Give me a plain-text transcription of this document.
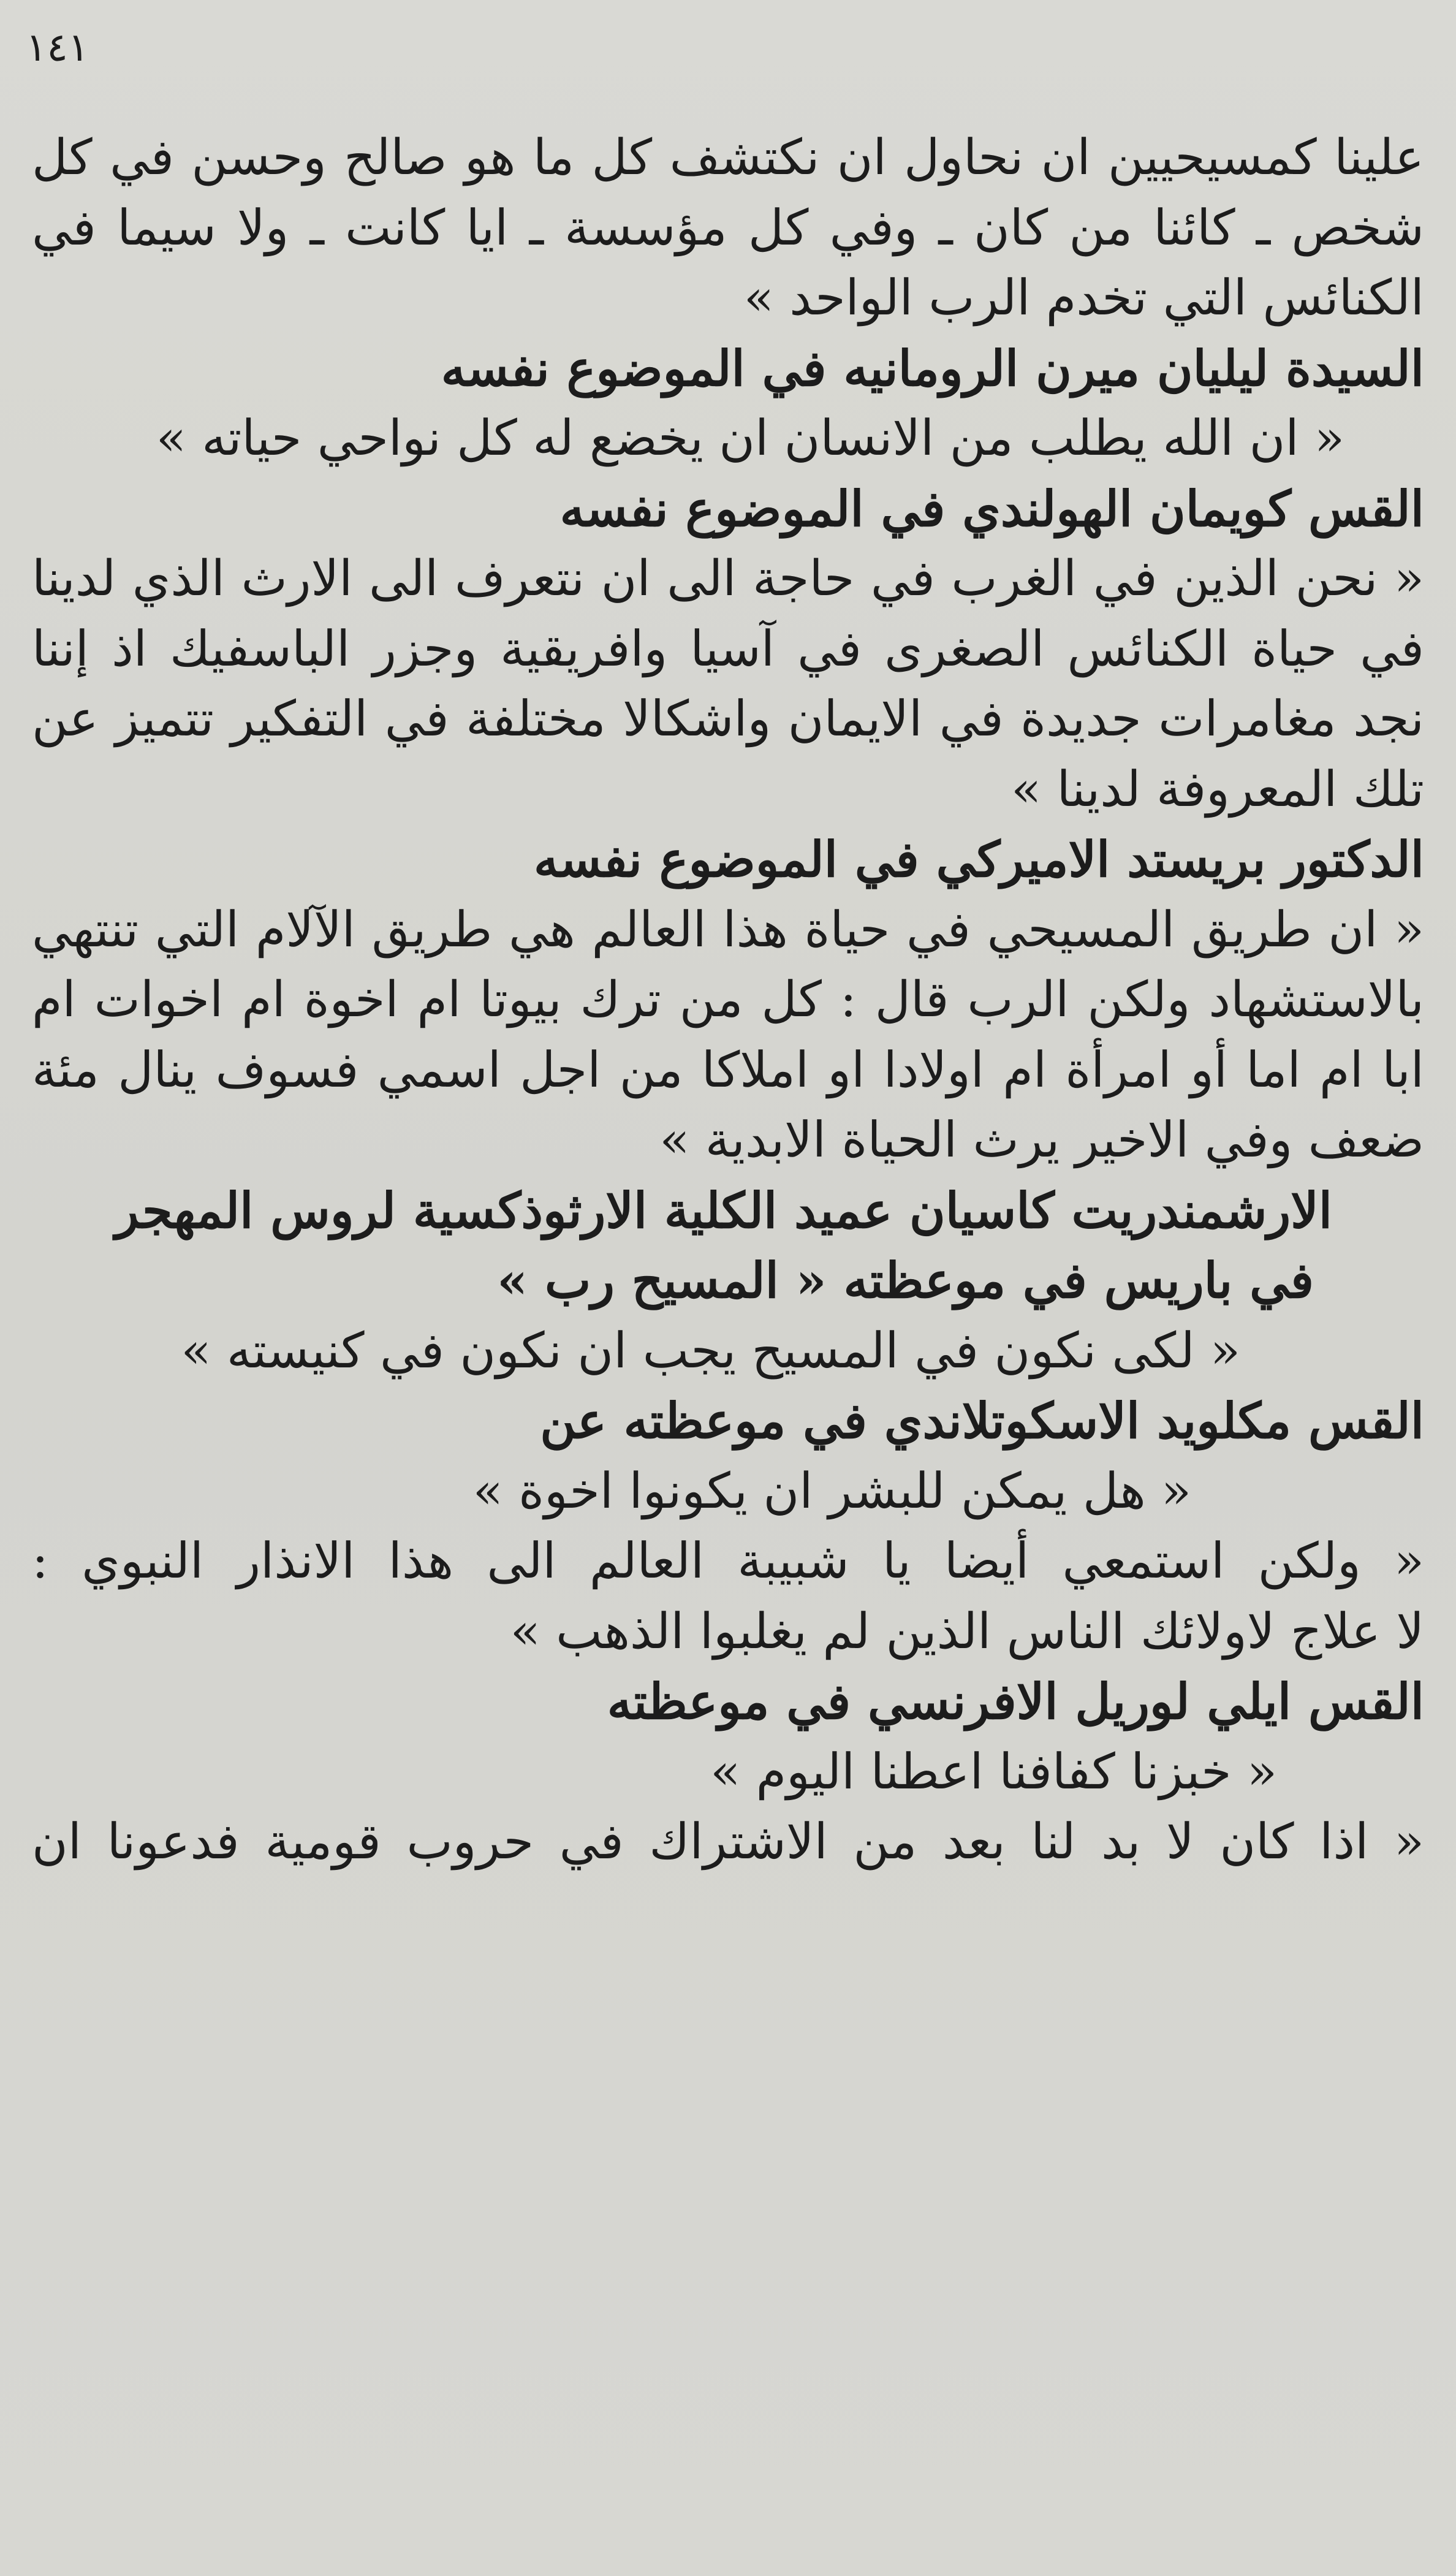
١٤١
علينا كمسيحيين ان نحاول ان نكتشف كل ما هو صالح وحسن في كل
شخص ـ كائنا من كان ـ وفي كل مؤسسة ـ ايا كانت ـ ولا سيما في
الكنائس التي تخدم الرب الواحد »
السيدة ليليان ميرن الرومانيه في الموضوع نفسه
« ان الله يطلب من الانسان ان يخضع له كل نواحي حياته »
القس كويمان الهولندي في الموضوع نفسه
« نحن الذين في الغرب في حاجة الى ان نتعرف الى الارث الذي لدينا
في حياة الكنائس الصغرى في آسيا وافريقية وجزر الباسفيك اذ إننا
نجد مغامرات جديدة في الايمان واشكالا مختلفة في التفكير تتميز عن
تلك المعروفة لدينا »
الدكتور بريستد الاميركي في الموضوع نفسه
« ان طريق المسيحي في حياة هذا العالم هي طريق الآلام التي تنتهي
بالاستشهاد ولكن الرب قال : كل من ترك بيوتا ام اخوة ام اخوات ام
ابا ام اما أو امرأة ام اولادا او املاكا من اجل اسمي فسوف ينال مئة
ضعف وفي الاخير يرث الحياة الابدية »
الارشمندريت كاسيان عميد الكلية الارثوذكسية لروس المهجر
في باريس في موعظته « المسيح رب »
« لكى نكون في المسيح يجب ان نكون في كنيسته »
القس مكلويد الاسكوتلاندي في موعظته عن
« هل يمكن للبشر ان يكونوا اخوة »
« ولكن استمعي أيضا يا شبيبة العالم الى هذا الانذار النبوي :
لا علاج لاولائك الناس الذين لم يغلبوا الذهب »
القس ايلي لوريل الافرنسي في موعظته
« خبزنا كفافنا اعطنا اليوم »
« اذا كان لا بد لنا بعد من الاشتراك في حروب قومية فدعونا ان
